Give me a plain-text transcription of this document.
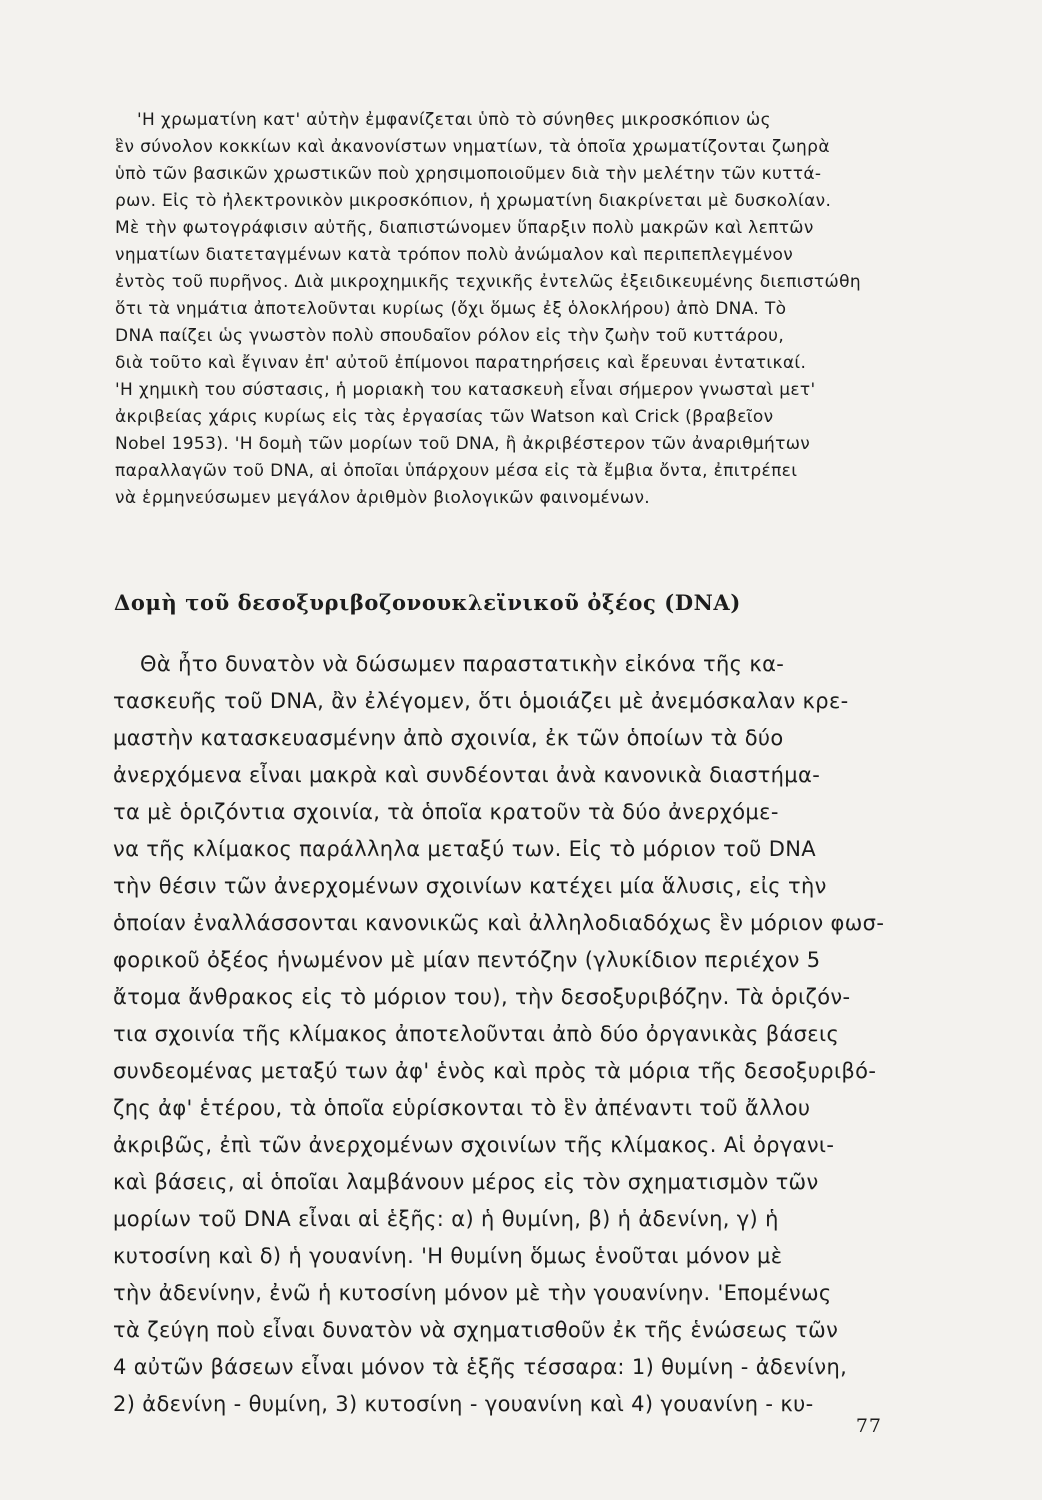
'Η χρωματίνη κατ' αὐτὴν ἐμφανίζεται ὑπὸ τὸ σύνηθες μικροσκόπιον ὡς

ἓν σύνολον κοκκίων καὶ ἀκανονίστων νηματίων, τὰ ὁποῖα χρωματίζονται ζωηρὰ

ὑπὸ τῶν βασικῶν χρωστικῶν ποὺ χρησιμοποιοῦμεν διὰ τὴν μελέτην τῶν κυττά-

ρων. Εἰς τὸ ἠλεκτρονικὸν μικροσκόπιον, ἡ χρωματίνη διακρίνεται μὲ δυσκολίαν.

Μὲ τὴν φωτογράφισιν αὐτῆς, διαπιστώνομεν ὕπαρξιν πολὺ μακρῶν καὶ λεπτῶν

νηματίων διατεταγμένων κατὰ τρόπον πολὺ ἀνώμαλον καὶ περιπεπλεγμένον

ἐντὸς τοῦ πυρῆνος. Διὰ μικροχημικῆς τεχνικῆς ἐντελῶς ἐξειδικευμένης διεπιστώθη

ὅτι τὰ νημάτια ἀποτελοῦνται κυρίως (ὄχι ὅμως ἐξ ὁλοκλήρου) ἀπὸ DNA. Τὸ

DNA παίζει ὡς γνωστὸν πολὺ σπουδαῖον ρόλον εἰς τὴν ζωὴν τοῦ κυττάρου,

διὰ τοῦτο καὶ ἔγιναν ἐπ' αὐτοῦ ἐπίμονοι παρατηρήσεις καὶ ἔρευναι ἐντατικαί.

'Η χημικὴ του σύστασις, ἡ μοριακὴ του κατασκευὴ εἶναι σήμερον γνωσταὶ μετ'

ἀκριβείας χάρις κυρίως εἰς τὰς ἐργασίας τῶν Watson καὶ Crick (βραβεῖον

Nobel 1953). 'Η δομὴ τῶν μορίων τοῦ DNA, ἢ ἀκριβέστερον τῶν ἀναριθμήτων

παραλλαγῶν τοῦ DNA, αἱ ὁποῖαι ὑπάρχουν μέσα εἰς τὰ ἔμβια ὄντα, ἐπιτρέπει

νὰ ἑρμηνεύσωμεν μεγάλον ἀριθμὸν βιολογικῶν φαινομένων.

Δομὴ τοῦ δεσοξυριβοζονουκλεϊνικοῦ ὀξέος (DNA)

Θὰ ἦτο δυνατὸν νὰ δώσωμεν παραστατικὴν εἰκόνα τῆς κα-

τασκευῆς τοῦ DNA, ἂν ἐλέγομεν, ὅτι ὁμοιάζει μὲ ἀνεμόσκαλαν κρε-

μαστὴν κατασκευασμένην ἀπὸ σχοινία, ἐκ τῶν ὁποίων τὰ δύο

ἀνερχόμενα εἶναι μακρὰ καὶ συνδέονται ἀνὰ κανονικὰ διαστήμα-

τα μὲ ὁριζόντια σχοινία, τὰ ὁποῖα κρατοῦν τὰ δύο ἀνερχόμε-

να τῆς κλίμακος παράλληλα μεταξύ των. Εἰς τὸ μόριον τοῦ DNA

τὴν θέσιν τῶν ἀνερχομένων σχοινίων κατέχει μία ἅλυσις, εἰς τὴν

ὁποίαν ἐναλλάσσονται κανονικῶς καὶ ἀλληλοδιαδόχως ἓν μόριον φωσ-

φορικοῦ ὀξέος ἡνωμένον μὲ μίαν πεντόζην (γλυκίδιον περιέχον 5

ἄτομα ἄνθρακος εἰς τὸ μόριον του), τὴν δεσοξυριβόζην. Τὰ ὁριζόν-

τια σχοινία τῆς κλίμακος ἀποτελοῦνται ἀπὸ δύο ὀργανικὰς βάσεις

συνδεομένας μεταξύ των ἀφ' ἑνὸς καὶ πρὸς τὰ μόρια τῆς δεσοξυριβό-

ζης ἀφ' ἑτέρου, τὰ ὁποῖα εὑρίσκονται τὸ ἓν ἀπέναντι τοῦ ἄλλου

ἀκριβῶς, ἐπὶ τῶν ἀνερχομένων σχοινίων τῆς κλίμακος. Αἱ ὀργανι-

καὶ βάσεις, αἱ ὁποῖαι λαμβάνουν μέρος εἰς τὸν σχηματισμὸν τῶν

μορίων τοῦ DNA εἶναι αἱ ἑξῆς: α) ἡ θυμίνη, β) ἡ ἀδενίνη, γ) ἡ

κυτοσίνη καὶ δ) ἡ γουανίνη. 'Η θυμίνη ὅμως ἑνοῦται μόνον μὲ

τὴν ἀδενίνην, ἐνῶ ἡ κυτοσίνη μόνον μὲ τὴν γουανίνην. 'Επομένως

τὰ ζεύγη ποὺ εἶναι δυνατὸν νὰ σχηματισθοῦν ἐκ τῆς ἑνώσεως τῶν

4 αὐτῶν βάσεων εἶναι μόνον τὰ ἑξῆς τέσσαρα: 1) θυμίνη - ἀδενίνη,

2) ἀδενίνη - θυμίνη, 3) κυτοσίνη - γουανίνη καὶ 4) γουανίνη - κυ-

77
